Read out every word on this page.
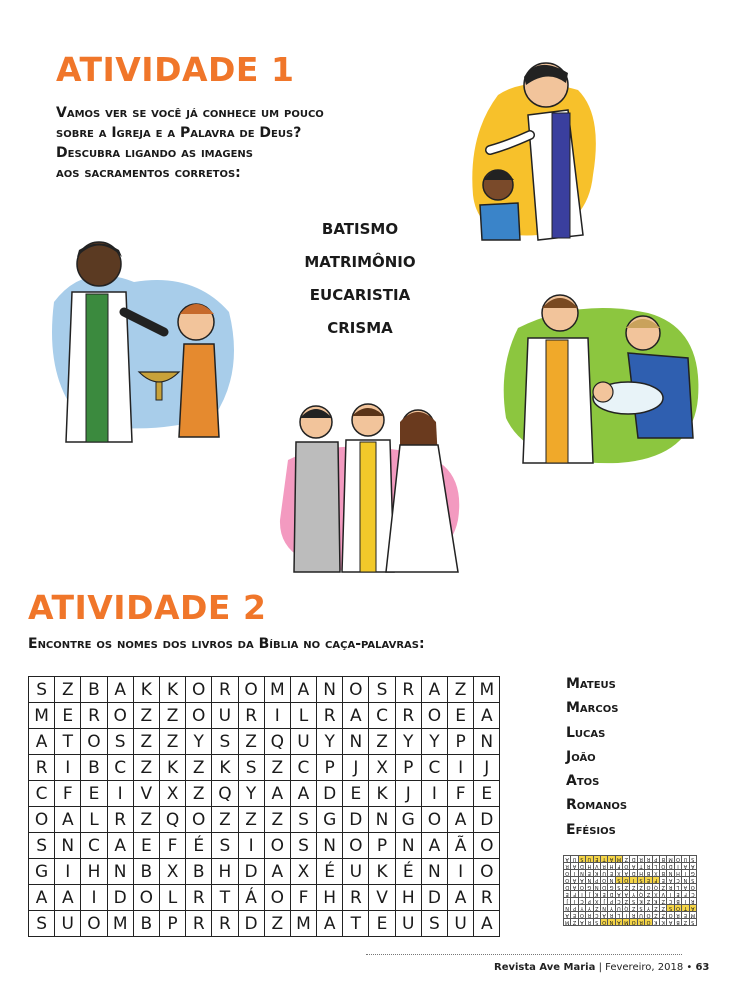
ATIVIDADE 1
Vamos ver se você já conhece um pouco
sobre a Igreja e a Palavra de Deus?
Descubra ligando as imagens
aos sacramentos corretos:
BATISMO
MATRIMÔNIO
EUCARISTIA
CRISMA
ATIVIDADE 2
Encontre os nomes dos livros da Bíblia no caça-palavras:
S	Z	B	A	K	K	O	R	O	M	A	N	O	S	R	A	Z	M
M	E	R	O	Z	Z	O	U	R	I	L	R	A	C	R	O	E	A
A	T	O	S	Z	Z	Y	S	Z	Q	U	Y	N	Z	Y	Y	P	N
R	I	B	C	Z	K	Z	K	S	Z	C	P	J	X	P	C	I	J
C	F	E	I	V	X	Z	Q	Y	A	A	D	E	K	J	I	F	E
O	A	L	R	Z	Q	O	Z	Z	Z	S	G	D	N	G	O	A	D
S	N	C	A	E	F	É	S	I	O	S	N	O	P	N	A	Ã	O
G	I	H	N	B	X	B	H	D	A	X	É	U	K	É	N	I	O
A	A	I	D	O	L	R	T	Á	O	F	H	R	V	H	D	A	R
S	U	O	M	B	P	R	R	D	Z	M	A	T	E	U	S	U	A
Mateus
Marcos
Lucas
João
Atos
Romanos
Efésios
S	Z	B	A	K	K	O	R	O	M	A	N	O	S	R	A	Z	M
M	E	R	O	Z	Z	O	U	R	I	L	R	A	C	R	O	E	A
A	T	O	S	Z	Z	Y	S	Z	Q	U	Y	N	Z	Y	Y	P	N
R	I	B	C	Z	K	Z	K	S	Z	C	P	J	X	P	C	I	J
C	F	E	I	V	X	Z	Q	Y	A	A	D	E	K	J	I	F	E
O	A	L	R	Z	Q	O	Z	Z	Z	S	G	D	N	G	O	A	D
S	N	C	A	E	F	É	S	I	O	S	N	O	P	N	A	Ã	O
G	I	H	N	B	X	B	H	D	A	X	É	U	K	É	N	I	O
A	A	I	D	O	L	R	T	Á	O	F	H	R	V	H	D	A	R
S	U	O	M	B	P	R	R	D	Z	M	A	T	E	U	S	U	A
Revista Ave Maria | Fevereiro, 2018 • 63
